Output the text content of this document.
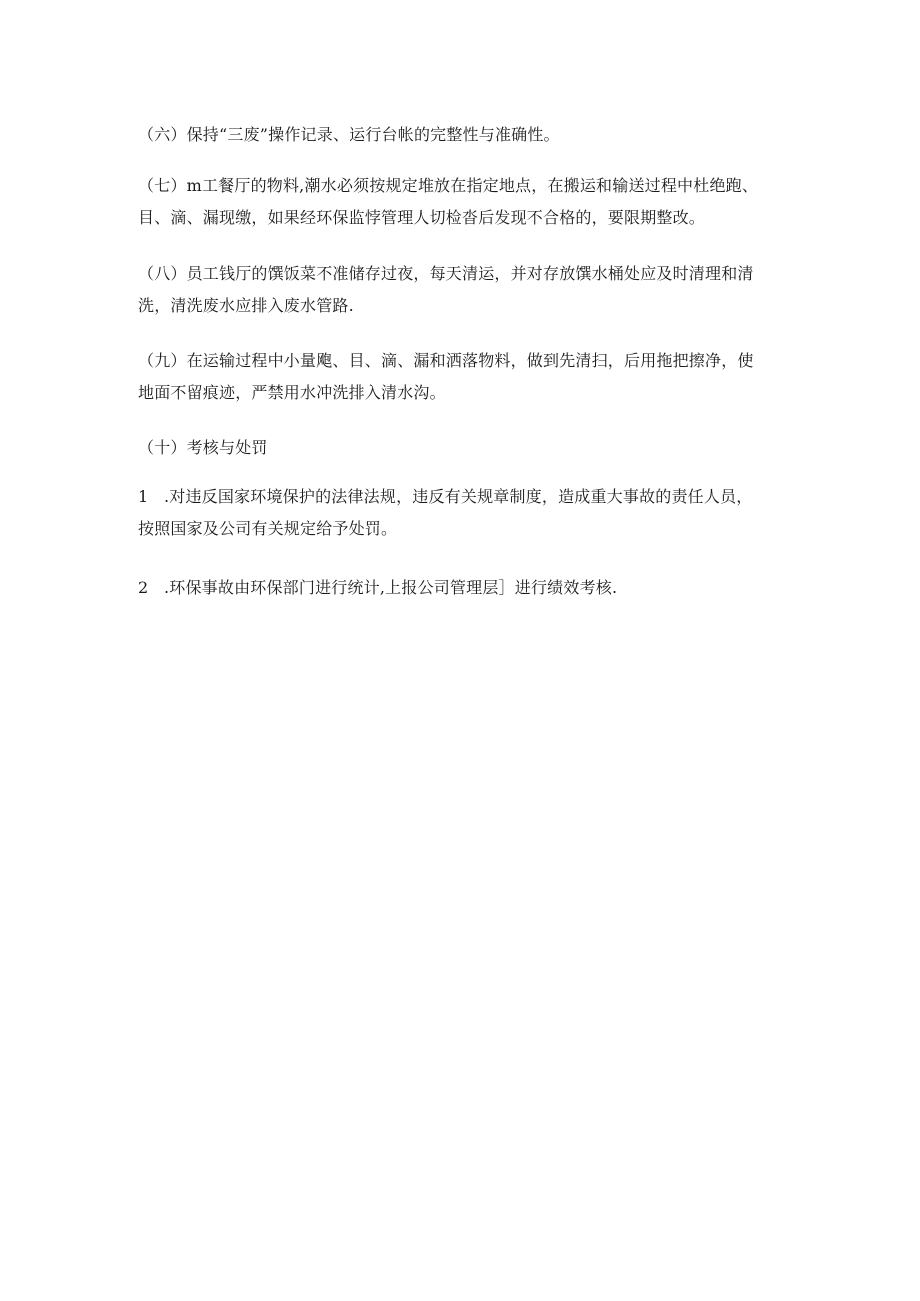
（六）保持“三废”操作记录、运行台帐的完整性与准确性。
（七）m工餐厅的物料,潮水必须按规定堆放在指定地点，在搬运和输送过程中杜绝跑、
目、滴、漏现缴，如果经环保监悖管理人切检沓后发现不合格的，要限期整改。
（八）员工钱厅的馔饭菜不准储存过夜，每天清运，并对存放馔水桶处应及时清理和清
洗，清洗废水应排入废水管路.
（九）在运输过程中小量飑、目、滴、漏和洒落物料，做到先清扫，后用拖把擦净，使
地面不留痕迹，严禁用水冲洗排入清水沟。
（十）考核与处罚
1 .对违反国家环境保护的法律法规，违反有关规章制度，造成重大事故的责任人员，
按照国家及公司有关规定给予处罚。
2 .环保事故由环保部门进行统计,上报公司管理层］进行绩效考核.
